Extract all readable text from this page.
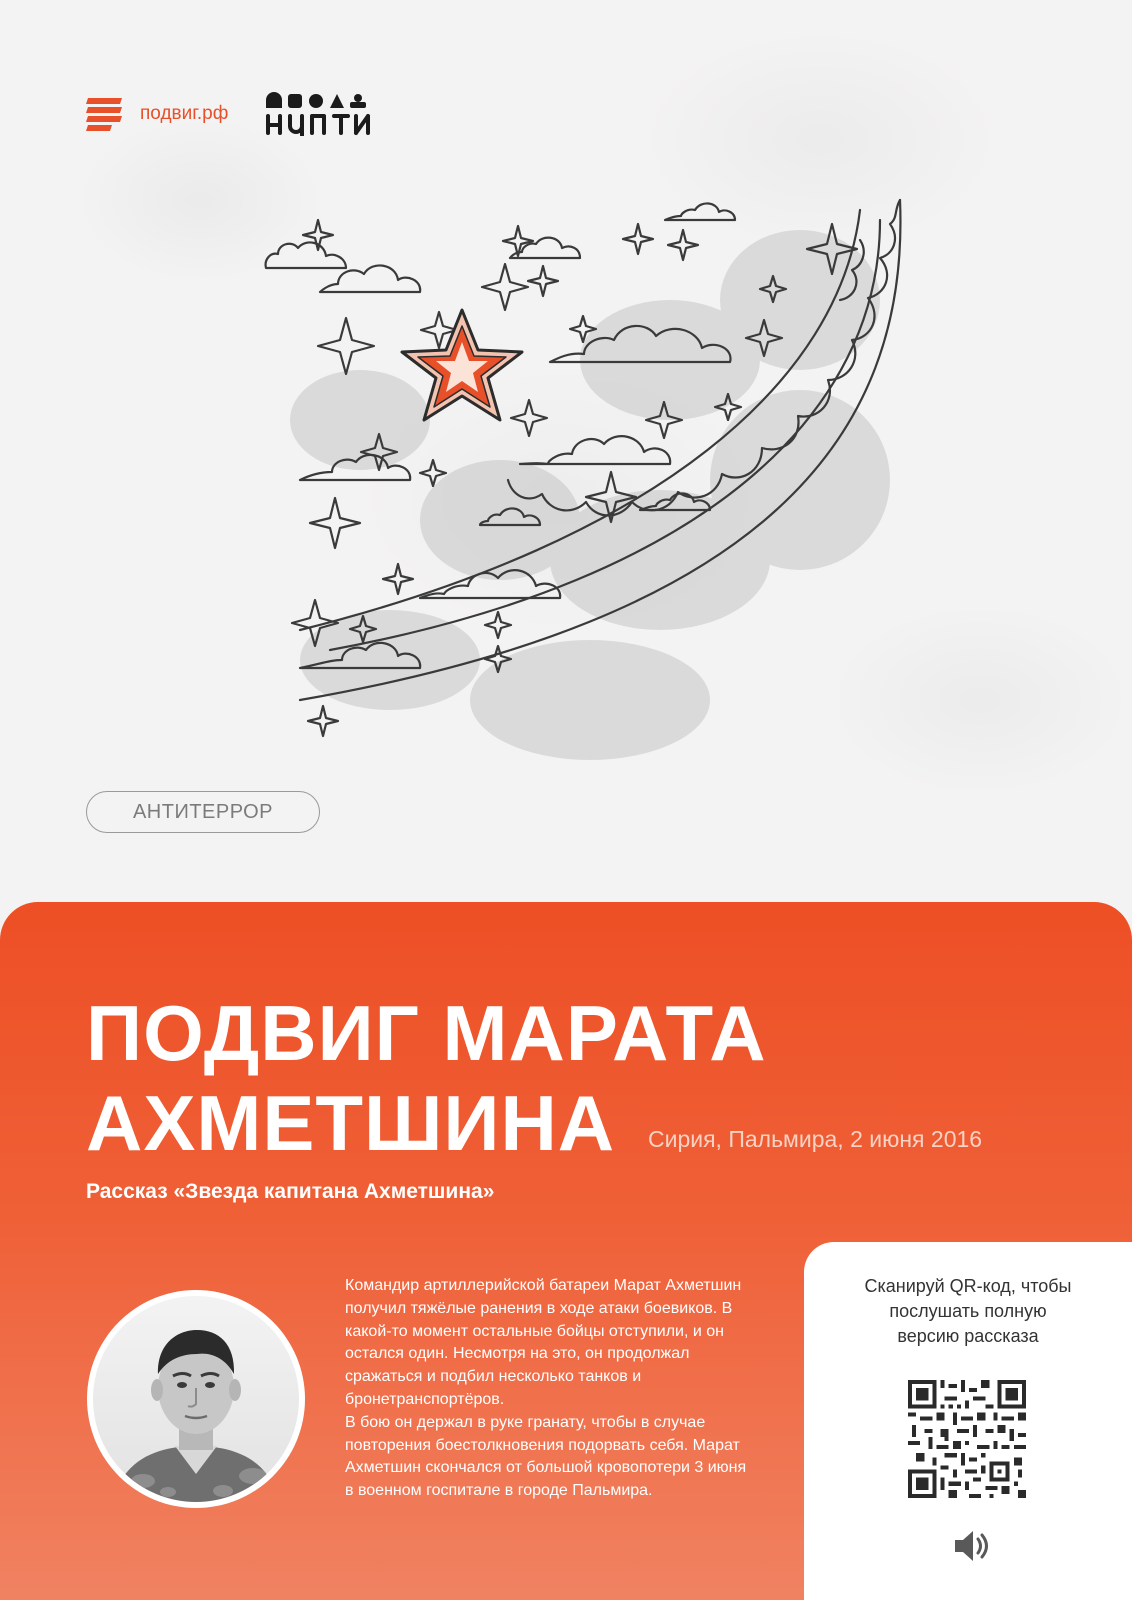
подвиг.рф
АНТИТЕРРОР
ПОДВИГ МАРАТА
АХМЕТШИНА	Сирия, Пальмира, 2 июня 2016
Рассказ «Звезда капитана Ахметшина»

Командир артиллерийской батареи Марат Ахметшин получил тяжёлые ранения в ходе атаки боевиков. В какой-то момент остальные бойцы отступили, и он остался один. Несмотря на это, он продолжал сражаться и подбил несколько танков и бронетранспортёров.

В бою он держал в руке гранату, чтобы в случае повторения боестолкновения подорвать себя. Марат Ахметшин скончался от большой кровопотери 3 июня в военном госпитале в городе Пальмира.

Сканируй QR-код, чтобы
послушать полную
версию рассказа
